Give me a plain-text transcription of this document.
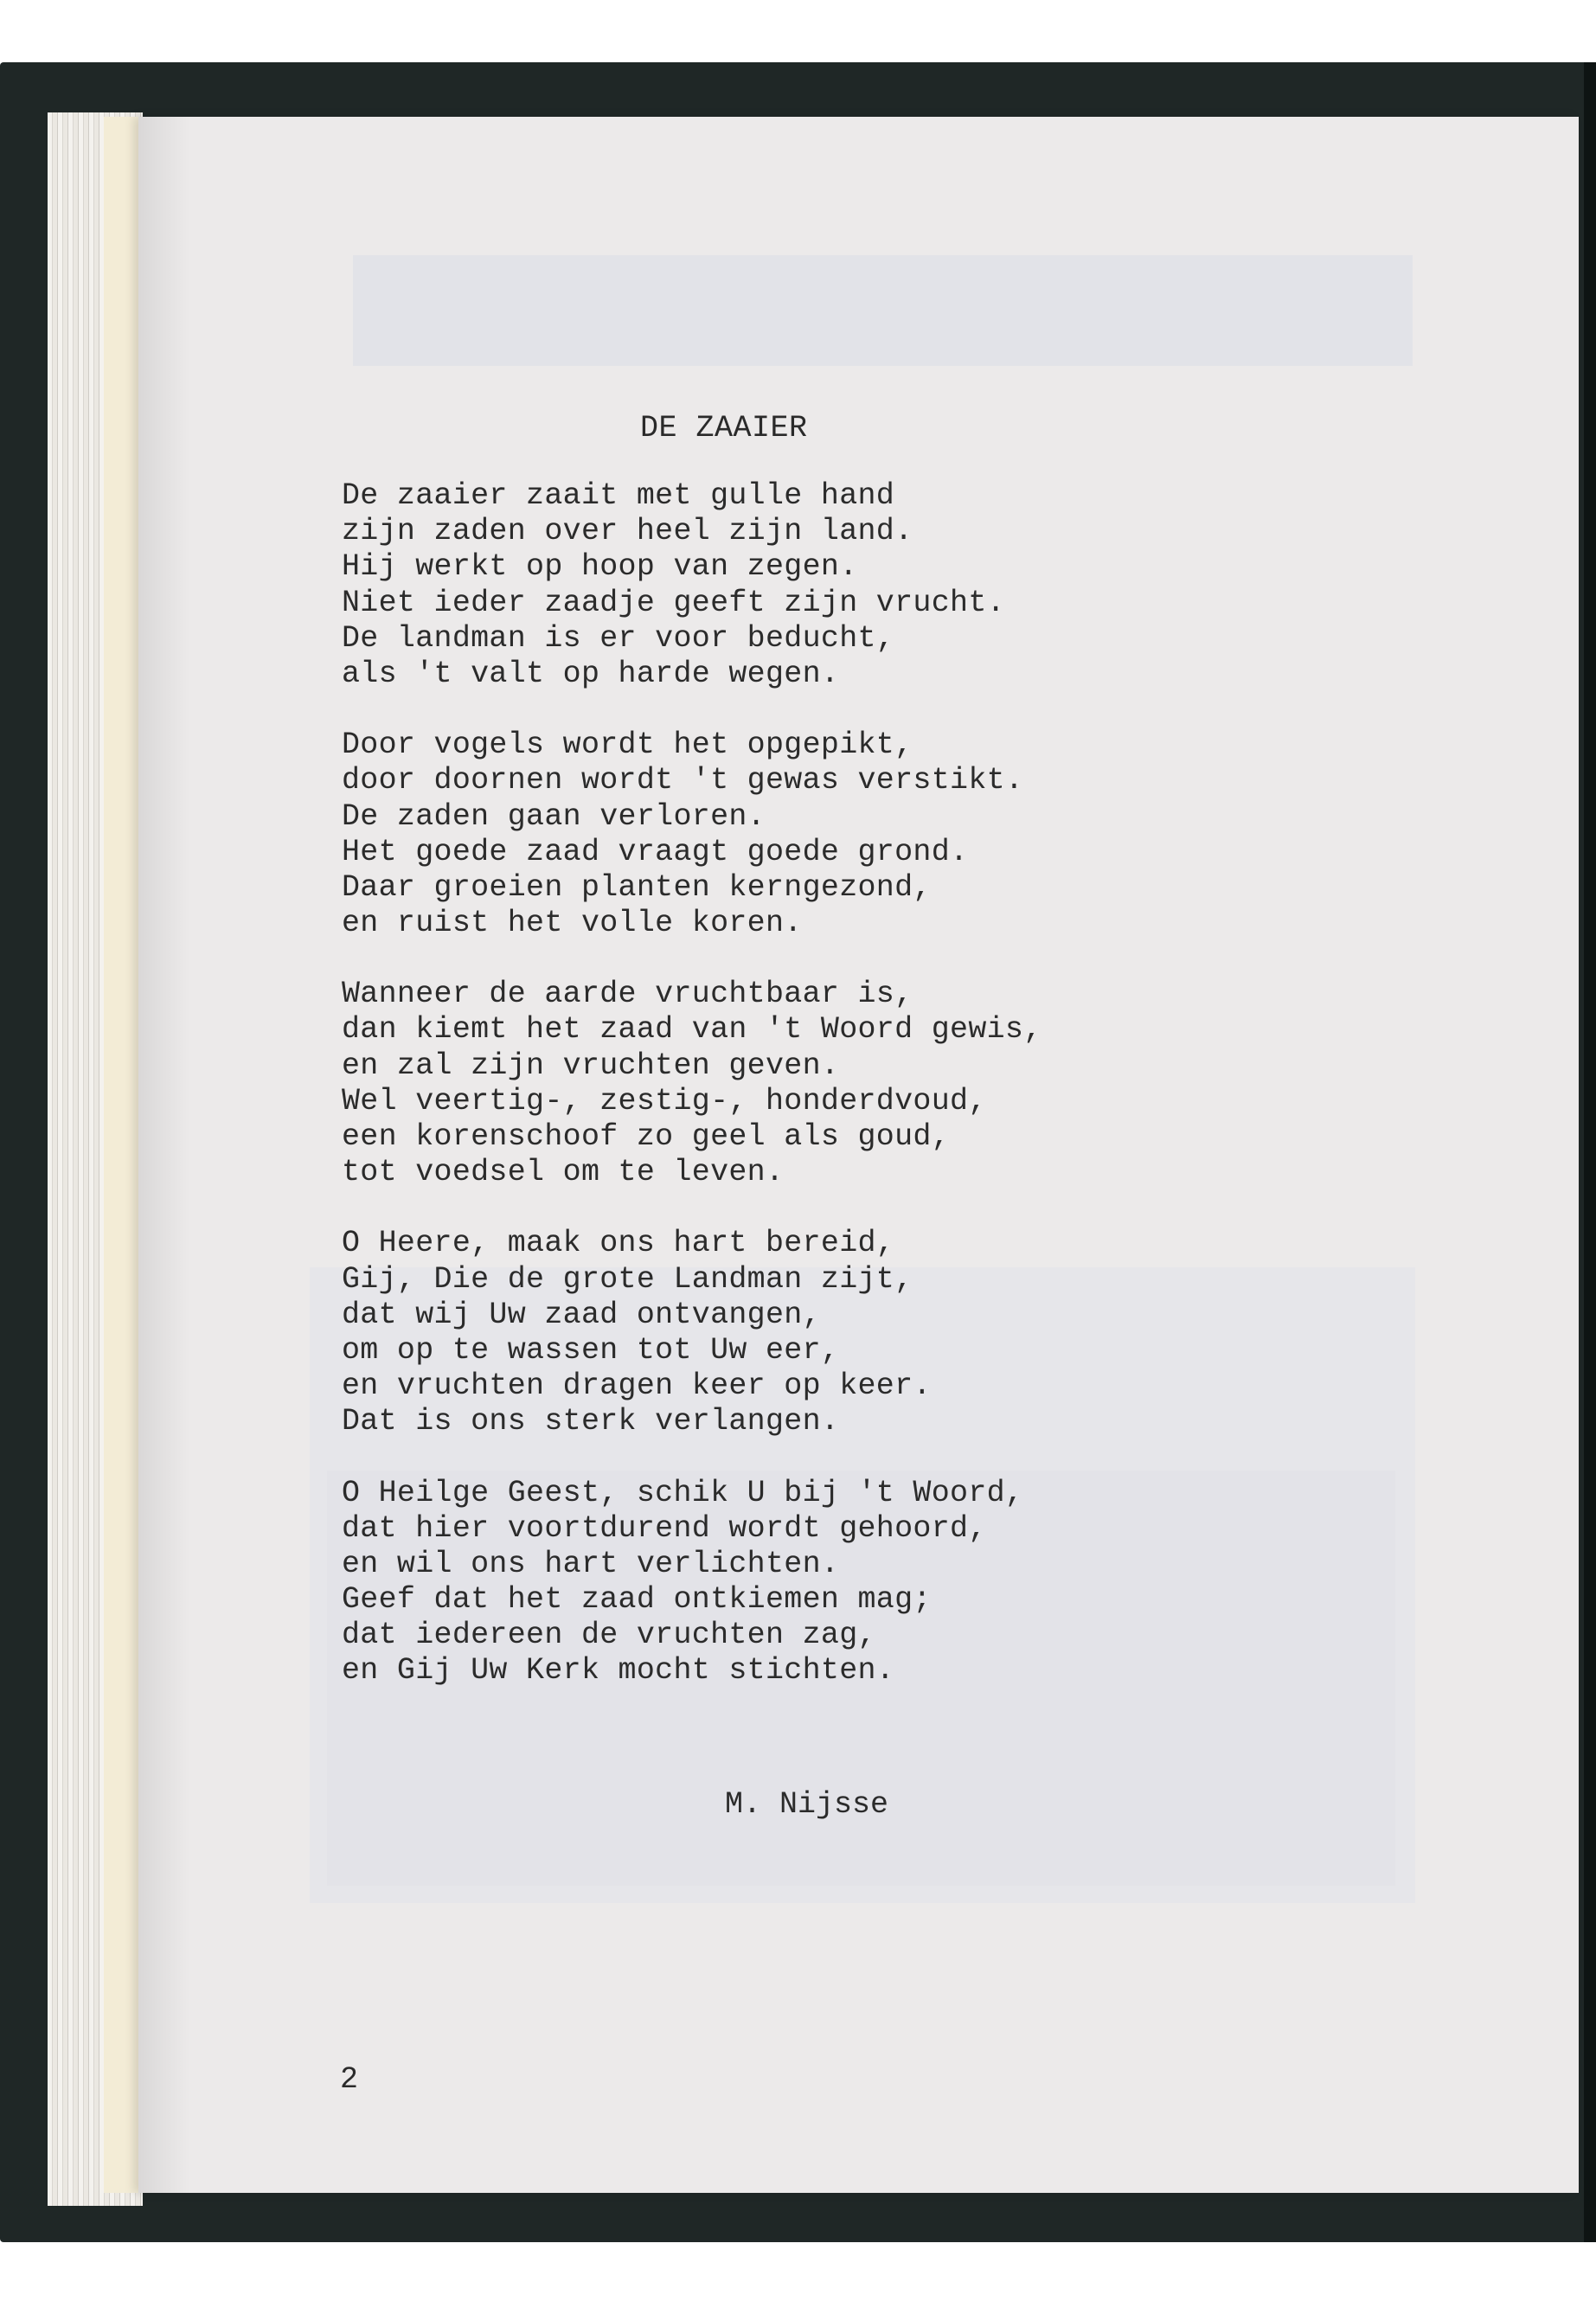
DE ZAAIER
De zaaier zaait met gulle hand
zijn zaden over heel zijn land.
Hij werkt op hoop van zegen.
Niet ieder zaadje geeft zijn vrucht.
De landman is er voor beducht,
als 't valt op harde wegen.
Door vogels wordt het opgepikt,
door doornen wordt 't gewas verstikt.
De zaden gaan verloren.
Het goede zaad vraagt goede grond.
Daar groeien planten kerngezond,
en ruist het volle koren.
Wanneer de aarde vruchtbaar is,
dan kiemt het zaad van 't Woord gewis,
en zal zijn vruchten geven.
Wel veertig-, zestig-, honderdvoud,
een korenschoof zo geel als goud,
tot voedsel om te leven.
O Heere, maak ons hart bereid,
Gij, Die de grote Landman zijt,
dat wij Uw zaad ontvangen,
om op te wassen tot Uw eer,
en vruchten dragen keer op keer.
Dat is ons sterk verlangen.
O Heilge Geest, schik U bij 't Woord,
dat hier voortdurend wordt gehoord,
en wil ons hart verlichten.
Geef dat het zaad ontkiemen mag;
dat iedereen de vruchten zag,
en Gij Uw Kerk mocht stichten.
M. Nijsse
2
